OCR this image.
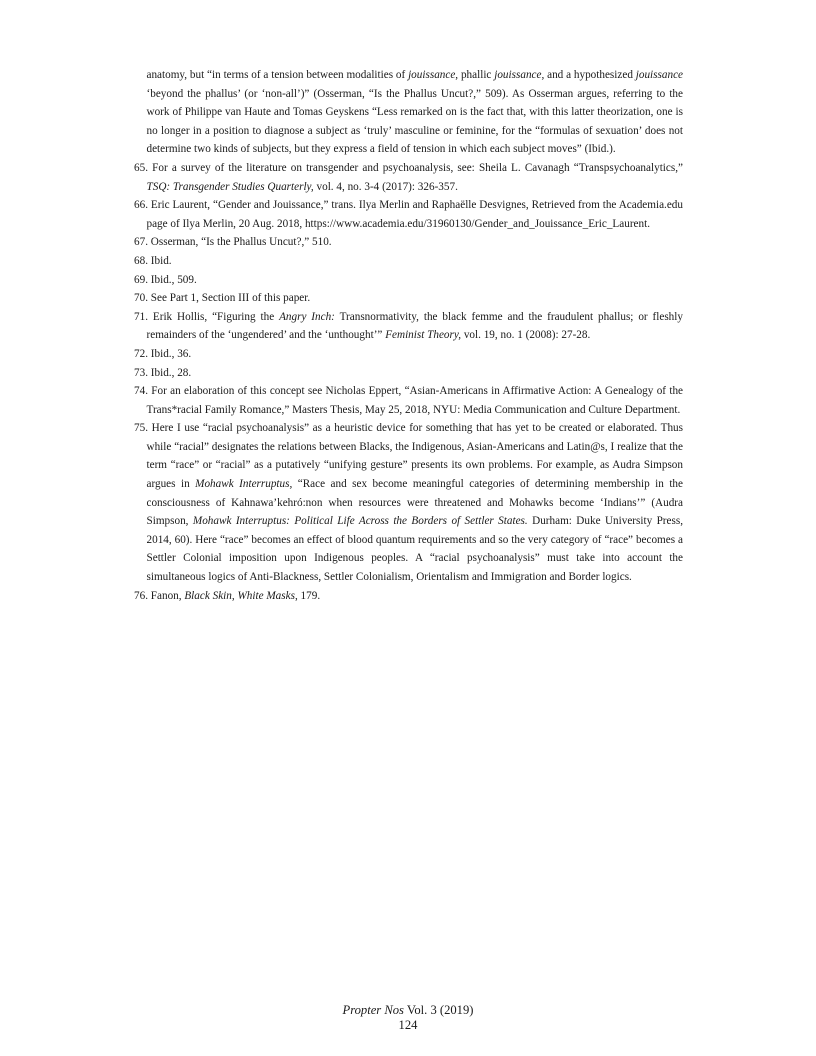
anatomy, but “in terms of a tension between modalities of jouissance, phallic jouissance, and a hypothesized jouissance ‘beyond the phallus’ (or ‘non-all’)” (Osserman, “Is the Phallus Uncut?,” 509). As Osserman argues, referring to the work of Philippe van Haute and Tomas Geyskens “Less remarked on is the fact that, with this latter theorization, one is no longer in a position to diagnose a subject as ‘truly’ masculine or feminine, for the “formulas of sexuation’ does not determine two kinds of subjects, but they express a field of tension in which each subject moves” (Ibid.).

65. For a survey of the literature on transgender and psychoanalysis, see: Sheila L. Cavanagh “Transpsychoanalytics,” TSQ: Transgender Studies Quarterly, vol. 4, no. 3-4 (2017): 326-357.

66. Eric Laurent, “Gender and Jouissance,” trans. Ilya Merlin and Raphaëlle Desvignes, Retrieved from the Academia.edu page of Ilya Merlin, 20 Aug. 2018, https://www.academia.edu/31960130/Gender_and_Jouissance_Eric_Laurent.

67. Osserman, “Is the Phallus Uncut?,” 510.

68. Ibid.

69. Ibid., 509.

70. See Part 1, Section III of this paper.

71. Erik Hollis, “Figuring the Angry Inch: Transnormativity, the black femme and the fraudulent phallus; or fleshly remainders of the ‘ungendered’ and the ‘unthought’” Feminist Theory, vol. 19, no. 1 (2008): 27-28.

72. Ibid., 36.

73. Ibid., 28.

74. For an elaboration of this concept see Nicholas Eppert, “Asian-Americans in Affirmative Action: A Genealogy of the Trans*racial Family Romance,” Masters Thesis, May 25, 2018, NYU: Media Communication and Culture Department.

75. Here I use “racial psychoanalysis” as a heuristic device for something that has yet to be created or elaborated. Thus while “racial” designates the relations between Blacks, the Indigenous, Asian-Americans and Latin@s, I realize that the term “race” or “racial” as a putatively “unifying gesture” presents its own problems. For example, as Audra Simpson argues in Mohawk Interruptus, “Race and sex become meaningful categories of determining membership in the consciousness of Kahnawa’kehró:non when resources were threatened and Mohawks become ‘Indians’” (Audra Simpson, Mohawk Interruptus: Political Life Across the Borders of Settler States. Durham: Duke University Press, 2014, 60). Here “race” becomes an effect of blood quantum requirements and so the very category of “race” becomes a Settler Colonial imposition upon Indigenous peoples. A “racial psychoanalysis” must take into account the simultaneous logics of Anti-Blackness, Settler Colonialism, Orientalism and Immigration and Border logics.

76. Fanon, Black Skin, White Masks, 179.

Propter Nos Vol. 3 (2019)
124
